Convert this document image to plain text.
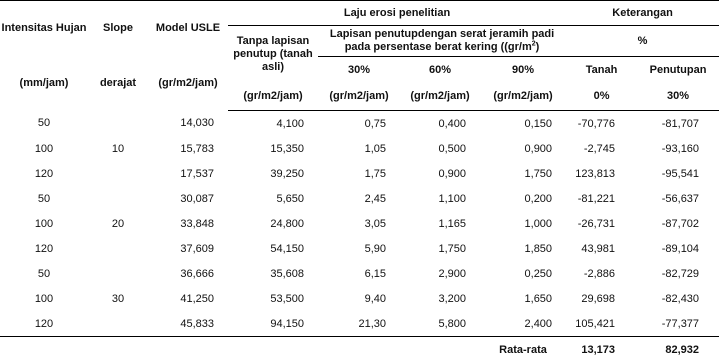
Intensitas Hujan	Slope	Model USLE	Laju erosi penelitian				Keterangan	
			Tanpa lapisan penutup (tanah asli)	Lapisan penutupdengan serat jeramih padi pada persentase berat kering ($(gr/m^2)$			%	
(mm/jam)	derajat	(gr/m2/jam)		30%	60%	90%	Tanah	Penutupan
			(gr/m2/jam)	(gr/m2/jam)	(gr/m2/jam)	(gr/m2/jam)	0%	30%
50		14,030	4,100	0,75	0,400	0,150	-70,776	-81,707
100	10	15,783	15,350	1,05	0,500	0,900	-2,745	-93,160
120		17,537	39,250	1,75	0,900	1,750	123,813	-95,541
50		30,087	5,650	2,45	1,100	0,200	-81,221	-56,637
100	20	33,848	24,800	3,05	1,165	1,000	-26,731	-87,702
120		37,609	54,150	5,90	1,750	1,850	43,981	-89,104
50		36,666	35,608	6,15	2,900	0,250	-2,886	-82,729
100	30	41,250	53,500	9,40	3,200	1,650	29,698	-82,430
120		45,833	94,150	21,30	5,800	2,400	105,421	-77,377
						Rata-rata	13,173	82,932
